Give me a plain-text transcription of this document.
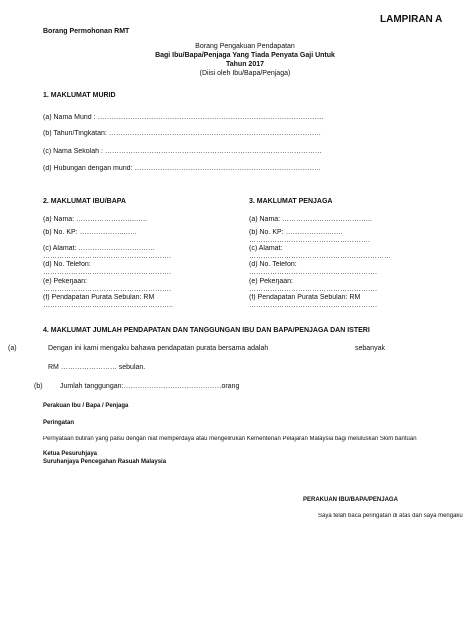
LAMPIRAN A
Borang Permohonan RMT
Borang Pengakuan Pendapatan
Bagi Ibu/Bapa/Penjaga Yang Tiada Penyata Gaji Untuk
Tahun 2017
(Diisi oleh Ibu/Bapa/Penjaga)
1. MAKLUMAT MURID
(a) Nama Murid : …………………………………………………………………………………….
(b) Tahun/Tingkatan: ……………………………………………………………………………….
(c) Nama Sekolah : …………………………………………………………………………………
(d) Hubungan dengan murid: ……………………………………………………………………..
2. MAKLUMAT IBU/BAPA
(a) Nama: ……………………..…..
(b) No. KP: ………………..…..
(c) Alamat: ……………………….…..
……………………………………………….
(d) No. Telefon:
……………………………………………….
(e) Pekerjaan:
……………………………………………….
(f) Pendapatan Purata Sebulan: RM
………………………………………………..
3. MAKLUMAT PENJAGA
(a) Nama: …………………………….…..
(b) No. KP: ………………..…..
…………………………………………….
(c) Alamat:
……………………………………….……………
(d) No. Telefon:
……………………………………………….
(e) Pekerjaan:
……………………………………………….
(f) Pendapatan Purata Sebulan: RM
……………………………………………….
4. MAKLUMAT JUMLAH PENDAPATAN DAN TANGGUNGAN IBU DAN BAPA/PENJAGA DAN ISTERI
(a)	Dengan ini kami mengaku bahawa pendapatan purata bersama adalah	sebanyak
RM …………………… sebulan.
(b) Jumlah tanggungan:……………………………………orang
Perakuan Ibu / Bapa / Penjaga
Peringatan
Pernyataan butiran yang palsu dengan niat memperdaya atau mengelirukan Kementerian Pelajaran Malaysia bagi meluluskan Skim bantuan
Ketua Pesuruhjaya
Suruhanjaya Pencegahan Rasuah Malaysia
PERAKUAN IBU/BAPA/PENJAGA
Saya telah baca peringatan di atas dan saya mengaku
